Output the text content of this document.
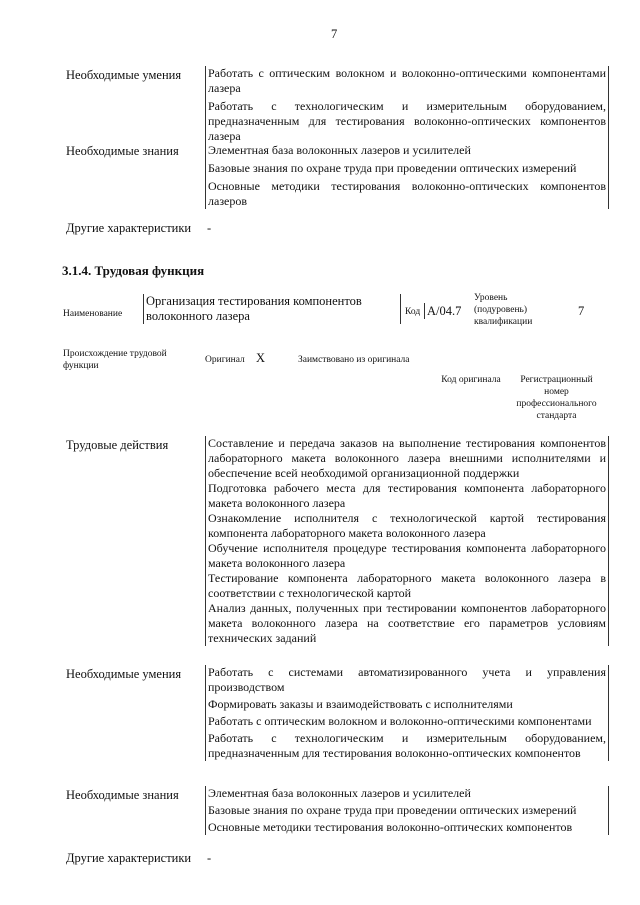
7
Необходимые умения Работать с оптическим волокном и волоконно-оптическими компонентами лазера
Работать с технологическим и измерительным оборудованием, предназначенным для тестирования волоконно-оптических компонентов лазера
Необходимые знания Элементная база волоконных лазеров и усилителей
Базовые знания по охране труда при проведении оптических измерений
Основные методики тестирования волоконно-оптических компонентов лазеров
Другие характеристики -
3.1.4. Трудовая функция
Наименование
Организация тестирования компонентов волоконного лазера	Код A/04.7
Уровень (подуровень) квалификации
7
Происхождение трудовой функции
Оригинал X	Заимствовано из оригинала
Код оригинала	Регистрационный номер профессионального стандарта
Трудовые действия	Составление и передача заказов на выполнение тестирования компонентов лабораторного макета волоконного лазера внешними исполнителями и обеспечение всей необходимой организационной поддержки
Подготовка рабочего места для тестирования компонента лабораторного макета волоконного лазера
Ознакомление исполнителя с технологической картой тестирования компонента лабораторного макета волоконного лазера
Обучение исполнителя процедуре тестирования компонента лабораторного макета волоконного лазера
Тестирование компонента лабораторного макета волоконного лазера в соответствии с технологической картой
Анализ данных, полученных при тестировании компонентов лабораторного макета волоконного лазера на соответствие его параметров условиям технических заданий
Необходимые умения Работать с системами автоматизированного учета и управления производством
Формировать заказы и взаимодействовать с исполнителями
Работать с оптическим волокном и волоконно-оптическими компонентами
Работать с технологическим и измерительным оборудованием, предназначенным для тестирования волоконно-оптических компонентов
Необходимые знания Элементная база волоконных лазеров и усилителей
Базовые знания по охране труда при проведении оптических измерений
Основные методики тестирования волоконно-оптических компонентов
Другие характеристики -
